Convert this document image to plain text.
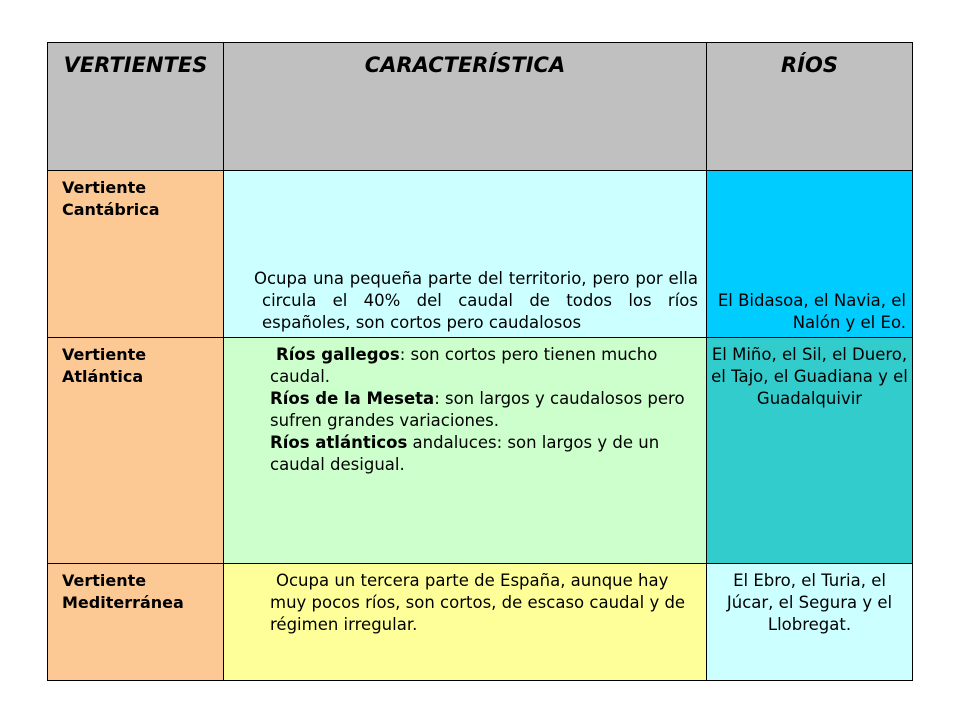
VERTIENTES	CARACTERÍSTICA	RÍOS
Vertiente Cantábrica	Ocupa una pequeña parte del territorio, pero por ella circula el 40% del caudal de todos los ríos españoles, son cortos pero caudalosos	El Bidasoa, el Navia, el Nalón y el Eo.
Vertiente Atlántica	Ríos gallegos: son cortos pero tienen mucho caudal.
Ríos de la Meseta: son largos y caudalosos pero sufren grandes variaciones.
Ríos atlánticos andaluces: son largos y de un caudal desigual.	El Miño, el Sil, el Duero, el Tajo, el Guadiana y el Guadalquivir
Vertiente Mediterránea	Ocupa un tercera parte de España, aunque hay muy pocos ríos, son cortos, de escaso caudal y de régimen irregular.	El Ebro, el Turia, el Júcar, el Segura y el Llobregat.
